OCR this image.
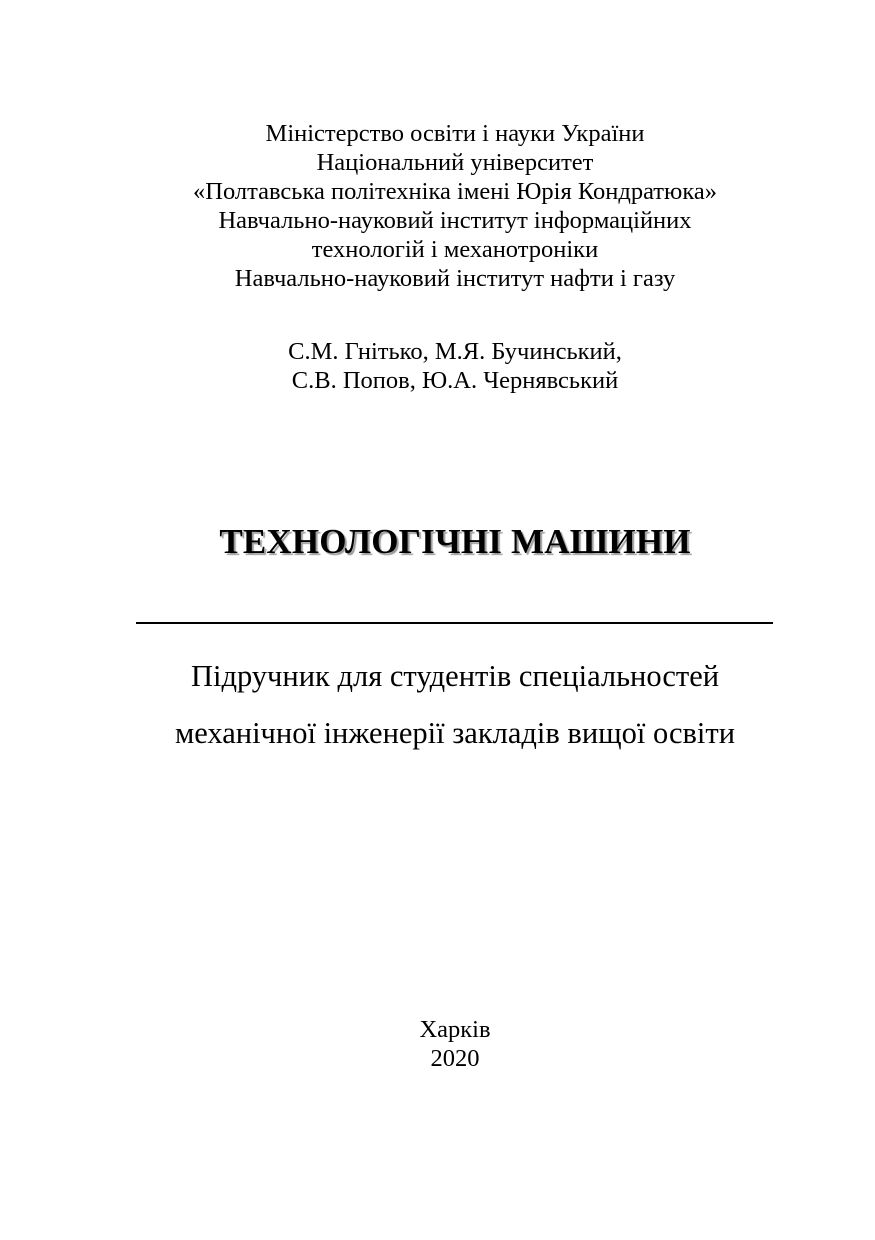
Міністерство освіти і науки України
Національний університет
«Полтавська політехніка імені Юрія Кондратюка»
Навчально-науковий інститут інформаційних
технологій і механотроніки
Навчально-науковий інститут нафти і газу
С.М. Гнітько, М.Я. Бучинський,
С.В. Попов, Ю.А. Чернявський
ТЕХНОЛОГІЧНІ МАШИНИ
Підручник для студентів спеціальностей
механічної інженерії закладів вищої освіти
Харків
2020
